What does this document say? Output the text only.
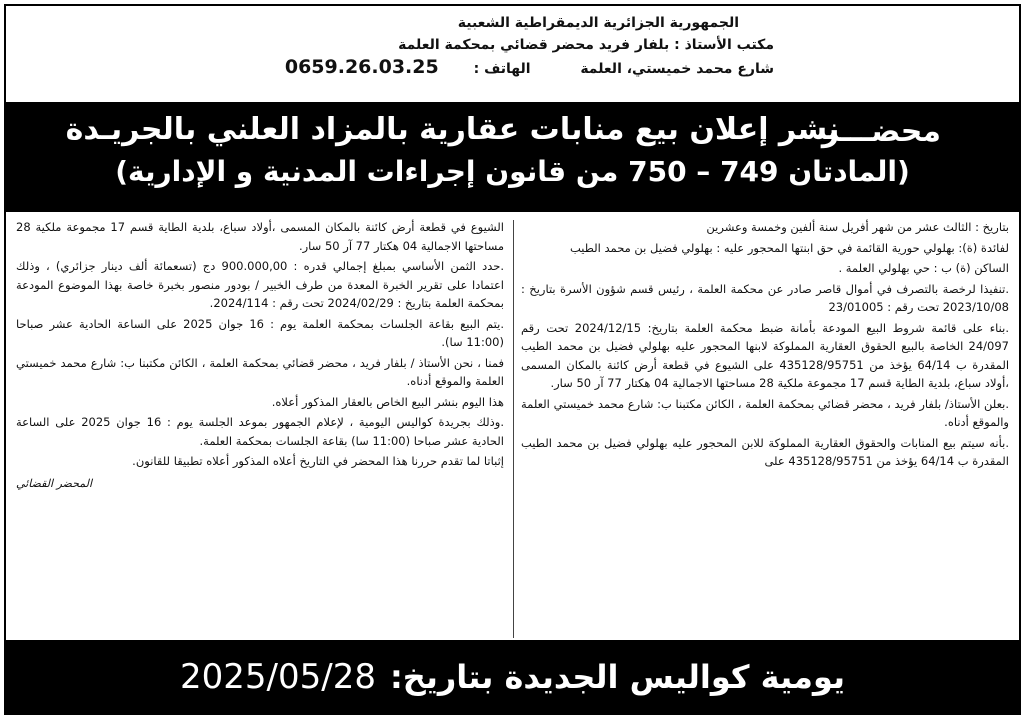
الجمهورية الجزائرية الديمقراطية الشعبية
مكتب الأستاذ : بلفار فريد محضر قضائي بمحكمة العلمة
شارع محمد خميستي، العلمة  الهاتف : 0659.26.03.25
محضـــر
نشر إعلان بيع منابات عقارية بالمزاد العلني بالجريـدة
(المادتان 749 – 750 من قانون إجراءات المدنية و الإدارية)

بتاريخ : الثالث عشر من شهر أفريل سنة ألفين وخمسة وعشرين

لفائدة (ة): بهلولي حورية القائمة في حق ابنتها المحجور عليه : بهلولي فضيل بن محمد الطيب

الساكن (ة) ب : حي بهلولي العلمة .

.تنفيذا لرخصة بالتصرف في أموال قاصر صادر عن محكمة العلمة ، رئيس قسم شؤون الأسرة بتاريخ : 2023/10/08 تحت رقم : 23/01005

.بناء على قائمة شروط البيع المودعة بأمانة ضبط محكمة العلمة بتاريخ: 2024/12/15 تحت رقم 24/097 الخاصة بالبيع الحقوق العقارية المملوكة لابنها المحجور عليه بهلولي فضيل بن محمد الطيب المقدرة ب 64/14 يؤخذ من 435128/95751 على الشيوع في قطعة أرض كائنة بالمكان المسمى ،أولاد سباع، بلدية الطاية قسم 17 مجموعة ملكية 28 مساحتها الاجمالية 04 هكتار 77 آر 50 سار.

.بعلن الأستاذ/ بلفار فريد ، محضر قضائي بمحكمة العلمة ، الكائن مكتبنا ب: شارع محمد خميستي العلمة والموقع أدناه.

.بأنه سيتم بيع المنابات والحقوق العقارية المملوكة للابن المحجور عليه بهلولي فضيل بن محمد الطيب المقدرة ب 64/14 يؤخذ من 435128/95751 على

الشيوع في قطعة أرض كائنة بالمكان المسمى ،أولاد سباع، بلدية الطاية قسم 17 مجموعة ملكية 28 مساحتها الاجمالية 04 هكتار 77 آر 50 سار.

.حدد الثمن الأساسي بمبلغ إجمالي قدره : 900.000,00 دج (تسعمائة ألف دينار جزائري) ، وذلك اعتمادا على تقرير الخبرة المعدة من طرف الخبير / بودور منصور بخبرة خاصة بهذا الموضوع المودعة بمحكمة العلمة بتاريخ : 2024/02/29 تحت رقم : 2024/114.

.يتم البيع بقاعة الجلسات بمحكمة العلمة يوم : 16 جوان 2025 على الساعة الحادية عشر صباحا (11:00 سا).

فمنا ، نحن الأستاذ / بلفار فريد ، محضر قضائي بمحكمة العلمة ، الكائن مكتبنا ب: شارع محمد خميستي العلمة والموقع أدناه.

هذا اليوم بنشر البيع الخاص بالعقار المذكور أعلاه.

.وذلك بجريدة كواليس اليومية ، لإعلام الجمهور بموعد الجلسة يوم : 16 جوان 2025 على الساعة الحادية عشر صباحا (11:00 سا) بقاعة الجلسات بمحكمة العلمة.

إثباتا لما تقدم حررنا هذا المحضر في التاريخ أعلاه المذكور أعلاه تطبيقا للقانون.

المحضر القضائي
يومية كواليس الجديدة بتاريخ:
2025/05/28
